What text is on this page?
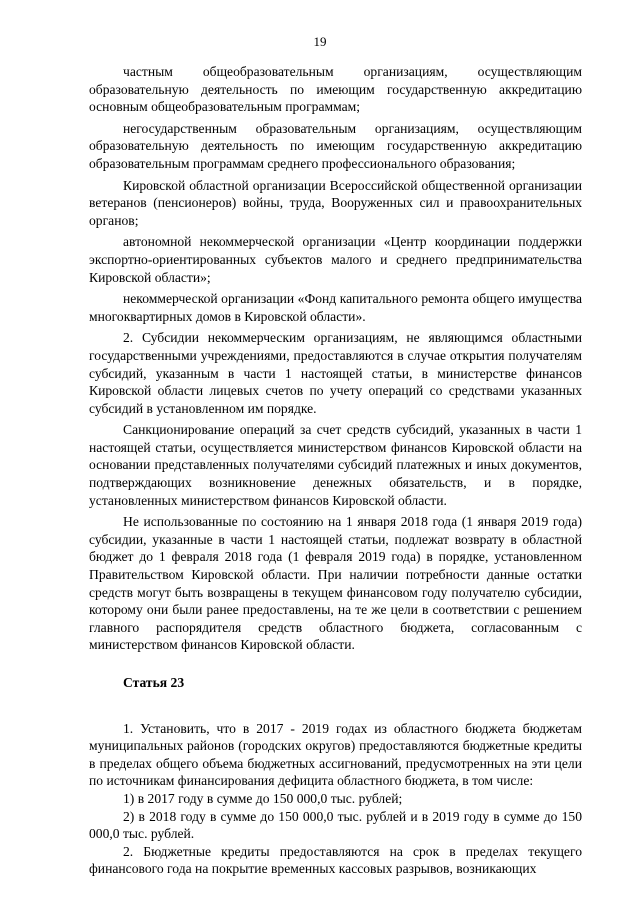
19

частным общеобразовательным организациям, осуществляющим образовательную деятельность по имеющим государственную аккредитацию основным общеобразовательным программам;

негосударственным образовательным организациям, осуществляющим образовательную деятельность по имеющим государственную аккредитацию образовательным программам среднего профессионального образования;

Кировской областной организации Всероссийской общественной организации ветеранов (пенсионеров) войны, труда, Вооруженных сил и правоохранительных органов;

автономной некоммерческой организации «Центр координации поддержки экспортно-ориентированных субъектов малого и среднего предпринимательства Кировской области»;

некоммерческой организации «Фонд капитального ремонта общего имущества многоквартирных домов в Кировской области».

2. Субсидии некоммерческим организациям, не являющимся областными государственными учреждениями, предоставляются в случае открытия получателям субсидий, указанным в части 1 настоящей статьи, в министерстве финансов Кировской области лицевых счетов по учету операций со средствами указанных субсидий в установленном им порядке.

Санкционирование операций за счет средств субсидий, указанных в части 1 настоящей статьи, осуществляется министерством финансов Кировской области на основании представленных получателями субсидий платежных и иных документов, подтверждающих возникновение денежных обязательств, и в порядке, установленных министерством финансов Кировской области.

Не использованные по состоянию на 1 января 2018 года (1 января 2019 года) субсидии, указанные в части 1 настоящей статьи, подлежат возврату в областной бюджет до 1 февраля 2018 года (1 февраля 2019 года) в порядке, установленном Правительством Кировской области. При наличии потребности данные остатки средств могут быть возвращены в текущем финансовом году получателю субсидии, которому они были ранее предоставлены, на те же цели в соответствии с решением главного распорядителя средств областного бюджета, согласованным с министерством финансов Кировской области.

Статья 23

1. Установить, что в 2017 - 2019 годах из областного бюджета бюджетам муниципальных районов (городских округов) предоставляются бюджетные кредиты в пределах общего объема бюджетных ассигнований, предусмотренных на эти цели по источникам финансирования дефицита областного бюджета, в том числе:

1) в 2017 году в сумме до 150 000,0 тыс. рублей;

2) в 2018 году в сумме до 150 000,0 тыс. рублей и в 2019 году в сумме до 150 000,0 тыс. рублей.

2. Бюджетные кредиты предоставляются на срок в пределах текущего финансового года на покрытие временных кассовых разрывов, возникающих
